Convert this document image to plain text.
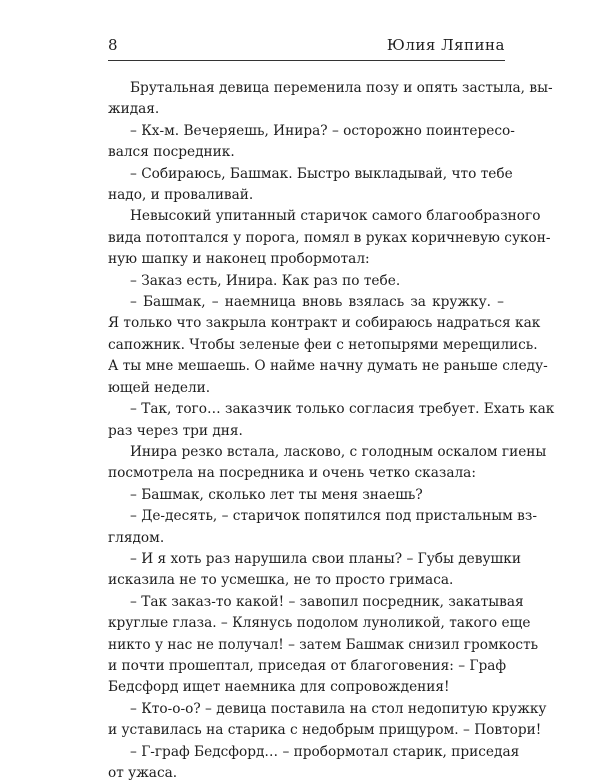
8	Юлия Ляпина
Брутальная девица переменила позу и опять застыла, вы-
жидая.
– Кх-м. Вечеряешь, Инира? – осторожно поинтересо-
вался посредник.
– Собираюсь, Башмак. Быстро выкладывай, что тебе
надо, и проваливай.
Невысокий упитанный старичок самого благообразного
вида потоптался у порога, помял в руках коричневую сукон-
ную шапку и наконец пробормотал:
– Заказ есть, Инира. Как раз по тебе.
– Башмак, – наемница вновь взялась за кружку. –
Я только что закрыла контракт и собираюсь надраться как
сапожник. Чтобы зеленые феи с нетопырями мерещились.
А ты мне мешаешь. О найме начну думать не раньше следу-
ющей недели.
– Так, того… заказчик только согласия требует. Ехать как
раз через три дня.
Инира резко встала, ласково, с голодным оскалом гиены
посмотрела на посредника и очень четко сказала:
– Башмак, сколько лет ты меня знаешь?
– Де-десять, – старичок попятился под пристальным вз-
глядом.
– И я хоть раз нарушила свои планы? – Губы девушки
исказила не то усмешка, не то просто гримаса.
– Так заказ-то какой! – завопил посредник, закатывая
круглые глаза. – Клянусь подолом луноликой, такого еще
никто у нас не получал! – затем Башмак снизил громкость
и почти прошептал, приседая от благоговения: – Граф
Бедсфорд ищет наемника для сопровождения!
– Кто-о-о? – девица поставила на стол недопитую кружку
и уставилась на старика с недобрым прищуром. – Повтори!
– Г-граф Бедсфорд… – пробормотал старик, приседая
от ужаса.
